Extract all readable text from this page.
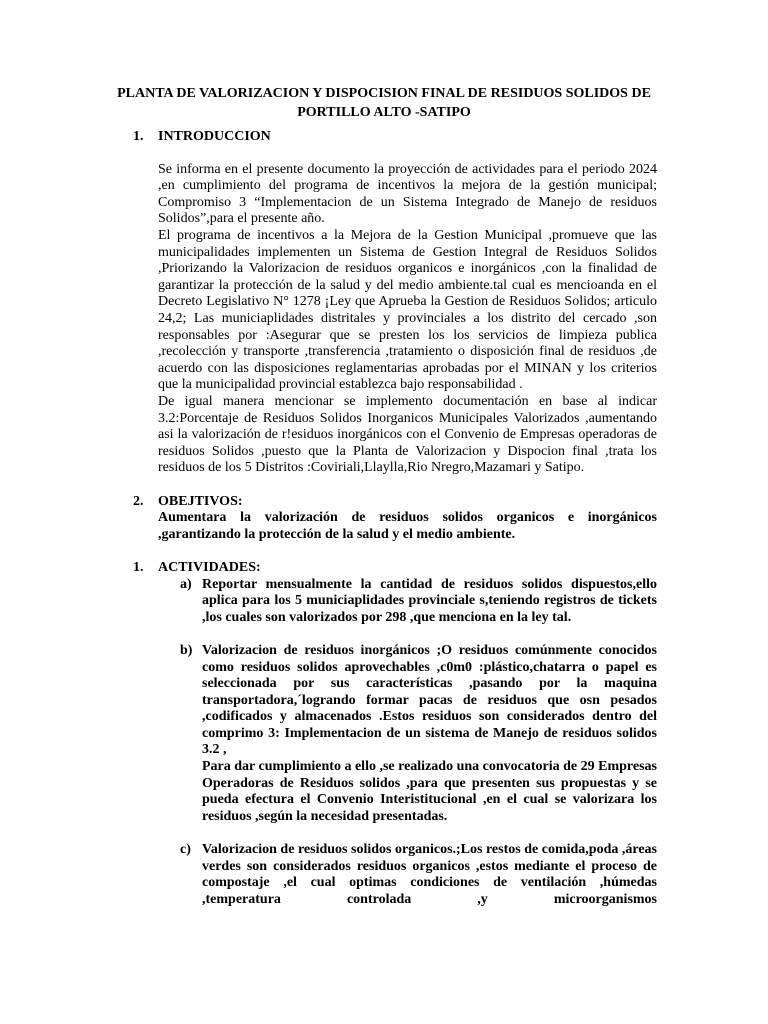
PLANTA DE VALORIZACION Y DISPOCISION FINAL DE RESIDUOS SOLIDOS DE PORTILLO ALTO -SATIPO
1.	INTRODUCCION

Se informa en el presente documento la proyección de actividades para el periodo 2024 ,en cumplimiento del programa de incentivos la mejora de la gestión municipal; Compromiso 3 “Implementacion de un Sistema Integrado de Manejo de residuos Solidos”,para el presente año.

El programa de incentivos a la Mejora de la Gestion Municipal ,promueve que las municipalidades implementen un Sistema de Gestion Integral de Residuos Solidos ,Priorizando la Valorizacion de residuos organicos e inorgánicos ,con la finalidad de garantizar la protección de la salud y del medio ambiente.tal cual es mencioanda en el Decreto Legislativo N° 1278 ¡Ley que Aprueba la Gestion de Residuos Solidos; articulo 24,2; Las municiaplidades distritales y provinciales a los distrito del cercado ,son responsables por :Asegurar que se presten los los servicios de limpieza publica ,recolección y transporte ,transferencia ,tratamiento o disposición final de residuos ,de acuerdo con las disposiciones reglamentarias aprobadas por el MINAN y los criterios que la municipalidad provincial establezca bajo responsabilidad .

De igual manera mencionar se implemento documentación en base al indicar 3.2:Porcentaje de Residuos Solidos Inorganicos Municipales Valorizados ,aumentando asi la valorización de r!esiduos inorgánicos con el Convenio de Empresas operadoras de residuos Solidos ,puesto que la Planta de Valorizacion y Dispocion final ,trata los residuos de los 5 Distritos :Coviriali,Llaylla,Rio Nregro,Mazamari y Satipo.

2.	OBEJTIVOS:

Aumentara la valorización de residuos solidos organicos e inorgánicos ,garantizando la protección de la salud y el medio ambiente.

1.	ACTIVIDADES:
a) Reportar mensualmente la cantidad de residuos solidos dispuestos,ello aplica para los 5 municiaplidades provinciale s,teniendo registros de tickets ,los cuales son valorizados por 298 ,que menciona en la ley tal.

b) Valorizacion de residuos inorgánicos ;O residuos comúnmente conocidos como residuos solidos aprovechables ,c0m0 :plástico,chatarra o papel es seleccionada por sus características ,pasando por la maquina transportadora,´logrando formar pacas de residuos que osn pesados ,codificados y almacenados .Estos residuos son considerados dentro del comprimo 3: Implementacion de un sistema de Manejo de residuos solidos 3.2 ,

Para dar cumplimiento a ello ,se realizado una convocatoria de 29 Empresas Operadoras de Residuos solidos ,para que presenten sus propuestas y se pueda efectura el Convenio Interistitucional ,en el cual se valorizara los residuos ,según la necesidad presentadas.

c) Valorizacion de residuos solidos organicos.;Los restos de comida,poda ,áreas verdes son considerados residuos organicos ,estos mediante el proceso de compostaje ,el cual optimas condiciones de ventilación ,húmedas ,temperatura controlada ,y microorganismos
